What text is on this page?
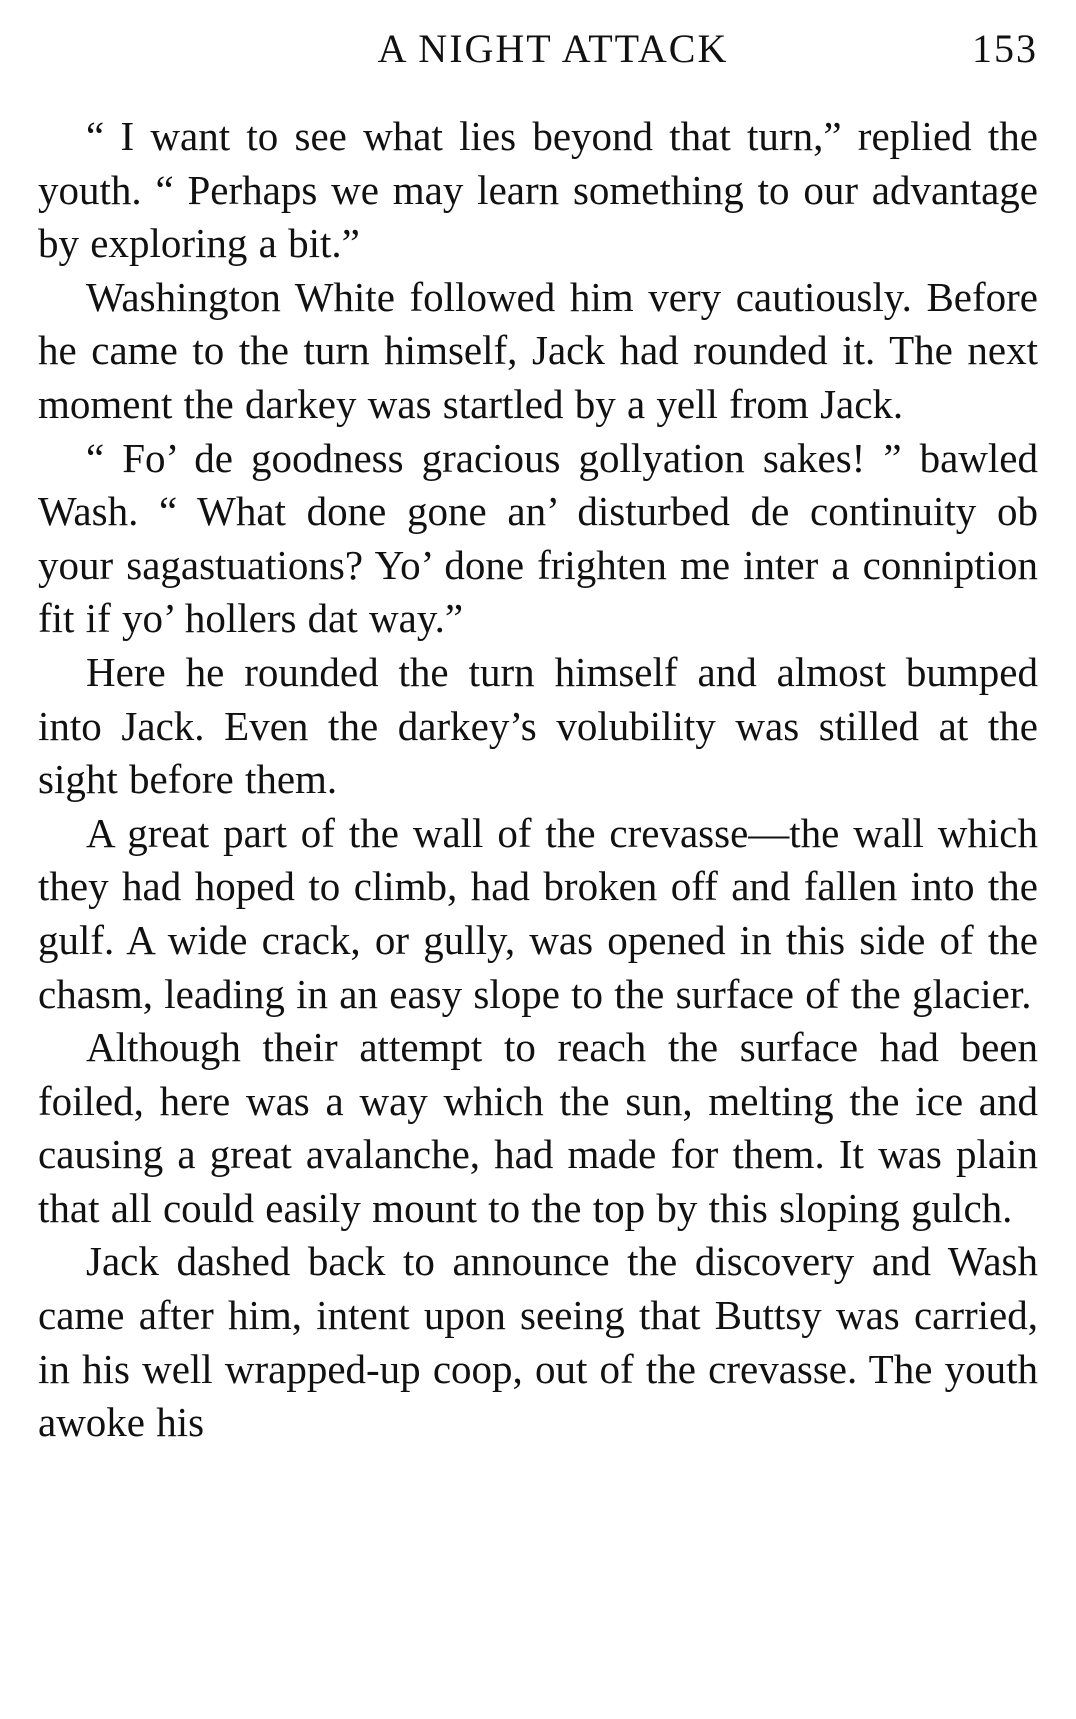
A NIGHT ATTACK	153

“ I want to see what lies beyond that turn,” replied the youth. “ Perhaps we may learn something to our advantage by exploring a bit.”

Washington White followed him very cautiously. Before he came to the turn himself, Jack had rounded it. The next moment the darkey was startled by a yell from Jack.

“ Fo’ de goodness gracious gollyation sakes! ” bawled Wash. “ What done gone an’ disturbed de continuity ob your sagastuations? Yo’ done frighten me inter a conniption fit if yo’ hollers dat way.”

Here he rounded the turn himself and almost bumped into Jack. Even the darkey’s volubility was stilled at the sight before them.

A great part of the wall of the crevasse—the wall which they had hoped to climb, had broken off and fallen into the gulf. A wide crack, or gully, was opened in this side of the chasm, leading in an easy slope to the surface of the glacier.

Although their attempt to reach the surface had been foiled, here was a way which the sun, melting the ice and causing a great avalanche, had made for them. It was plain that all could easily mount to the top by this sloping gulch.

Jack dashed back to announce the discovery and Wash came after him, intent upon seeing that Buttsy was carried, in his well wrapped-up coop, out of the crevasse. The youth awoke his
